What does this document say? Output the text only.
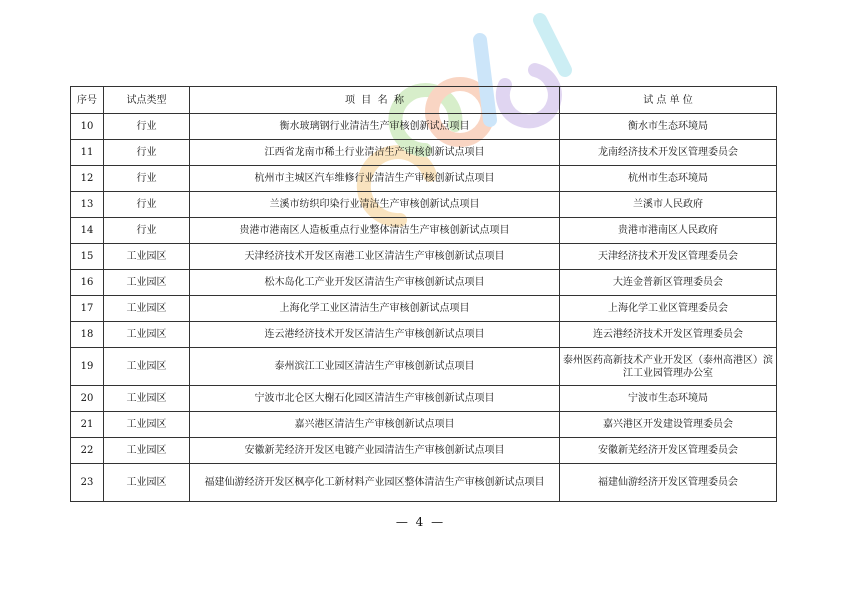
序号	试点类型	项  目  名  称	试 点 单 位
10	行业	衡水玻璃钢行业清洁生产审核创新试点项目	衡水市生态环境局
11	行业	江西省龙南市稀土行业清洁生产审核创新试点项目	龙南经济技术开发区管理委员会
12	行业	杭州市主城区汽车维修行业清洁生产审核创新试点项目	杭州市生态环境局
13	行业	兰溪市纺织印染行业清洁生产审核创新试点项目	兰溪市人民政府
14	行业	贵港市港南区人造板重点行业整体清洁生产审核创新试点项目	贵港市港南区人民政府
15	工业园区	天津经济技术开发区南港工业区清洁生产审核创新试点项目	天津经济技术开发区管理委员会
16	工业园区	松木岛化工产业开发区清洁生产审核创新试点项目	大连金普新区管理委员会
17	工业园区	上海化学工业区清洁生产审核创新试点项目	上海化学工业区管理委员会
18	工业园区	连云港经济技术开发区清洁生产审核创新试点项目	连云港经济技术开发区管理委员会
19	工业园区	泰州滨江工业园区清洁生产审核创新试点项目	泰州医药高新技术产业开发区（泰州高港区）滨江工业园管理办公室
20	工业园区	宁波市北仑区大榭石化园区清洁生产审核创新试点项目	宁波市生态环境局
21	工业园区	嘉兴港区清洁生产审核创新试点项目	嘉兴港区开发建设管理委员会
22	工业园区	安徽新芜经济开发区电镀产业园清洁生产审核创新试点项目	安徽新芜经济开发区管理委员会
23	工业园区	福建仙游经济开发区枫亭化工新材料产业园区整体清洁生产审核创新试点项目	福建仙游经济开发区管理委员会
— 4 —
